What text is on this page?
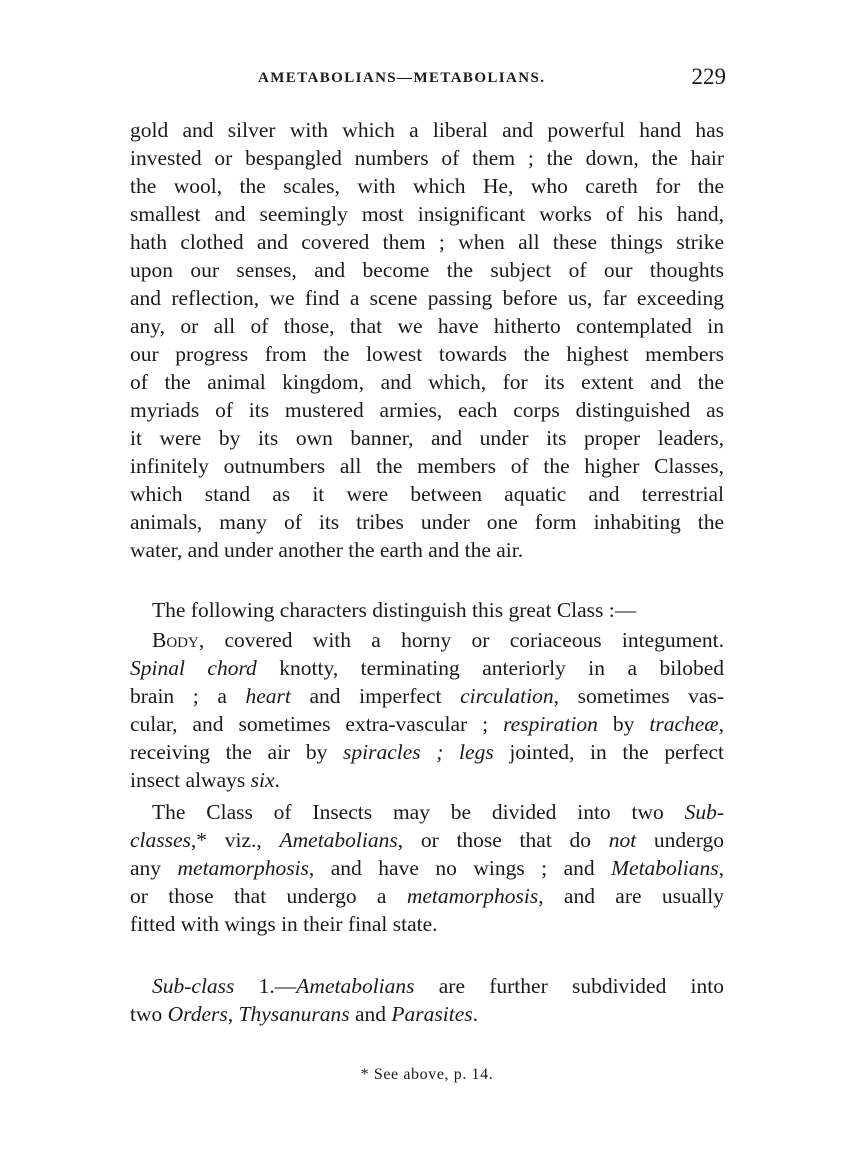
AMETABOLIANS—METABOLIANS.	229
gold and silver with which a liberal and powerful hand has
invested or bespangled numbers of them ; the down, the hair
the wool, the scales, with which He, who careth for the
smallest and seemingly most insignificant works of his hand,
hath clothed and covered them ; when all these things strike
upon our senses, and become the subject of our thoughts
and reflection, we find a scene passing before us, far exceeding
any, or all of those, that we have hitherto contemplated in
our progress from the lowest towards the highest members
of the animal kingdom, and which, for its extent and the
myriads of its mustered armies, each corps distinguished as
it were by its own banner, and under its proper leaders,
infinitely outnumbers all the members of the higher Classes,
which stand as it were between aquatic and terrestrial
animals, many of its tribes under one form inhabiting the
water, and under another the earth and the air.
The following characters distinguish this great Class :—
Body, covered with a horny or coriaceous integument.
Spinal chord knotty, terminating anteriorly in a bilobed
brain ; a heart and imperfect circulation, sometimes vas-
cular, and sometimes extra-vascular ; respiration by tracheæ,
receiving the air by spiracles ; legs jointed, in the perfect
insect always six.
The Class of Insects may be divided into two Sub-
classes,* viz., Ametabolians, or those that do not undergo
any metamorphosis, and have no wings ; and Metabolians,
or those that undergo a metamorphosis, and are usually
fitted with wings in their final state.
Sub-class 1.—Ametabolians are further subdivided into
two Orders, Thysanurans and Parasites.
* See above, p. 14.
